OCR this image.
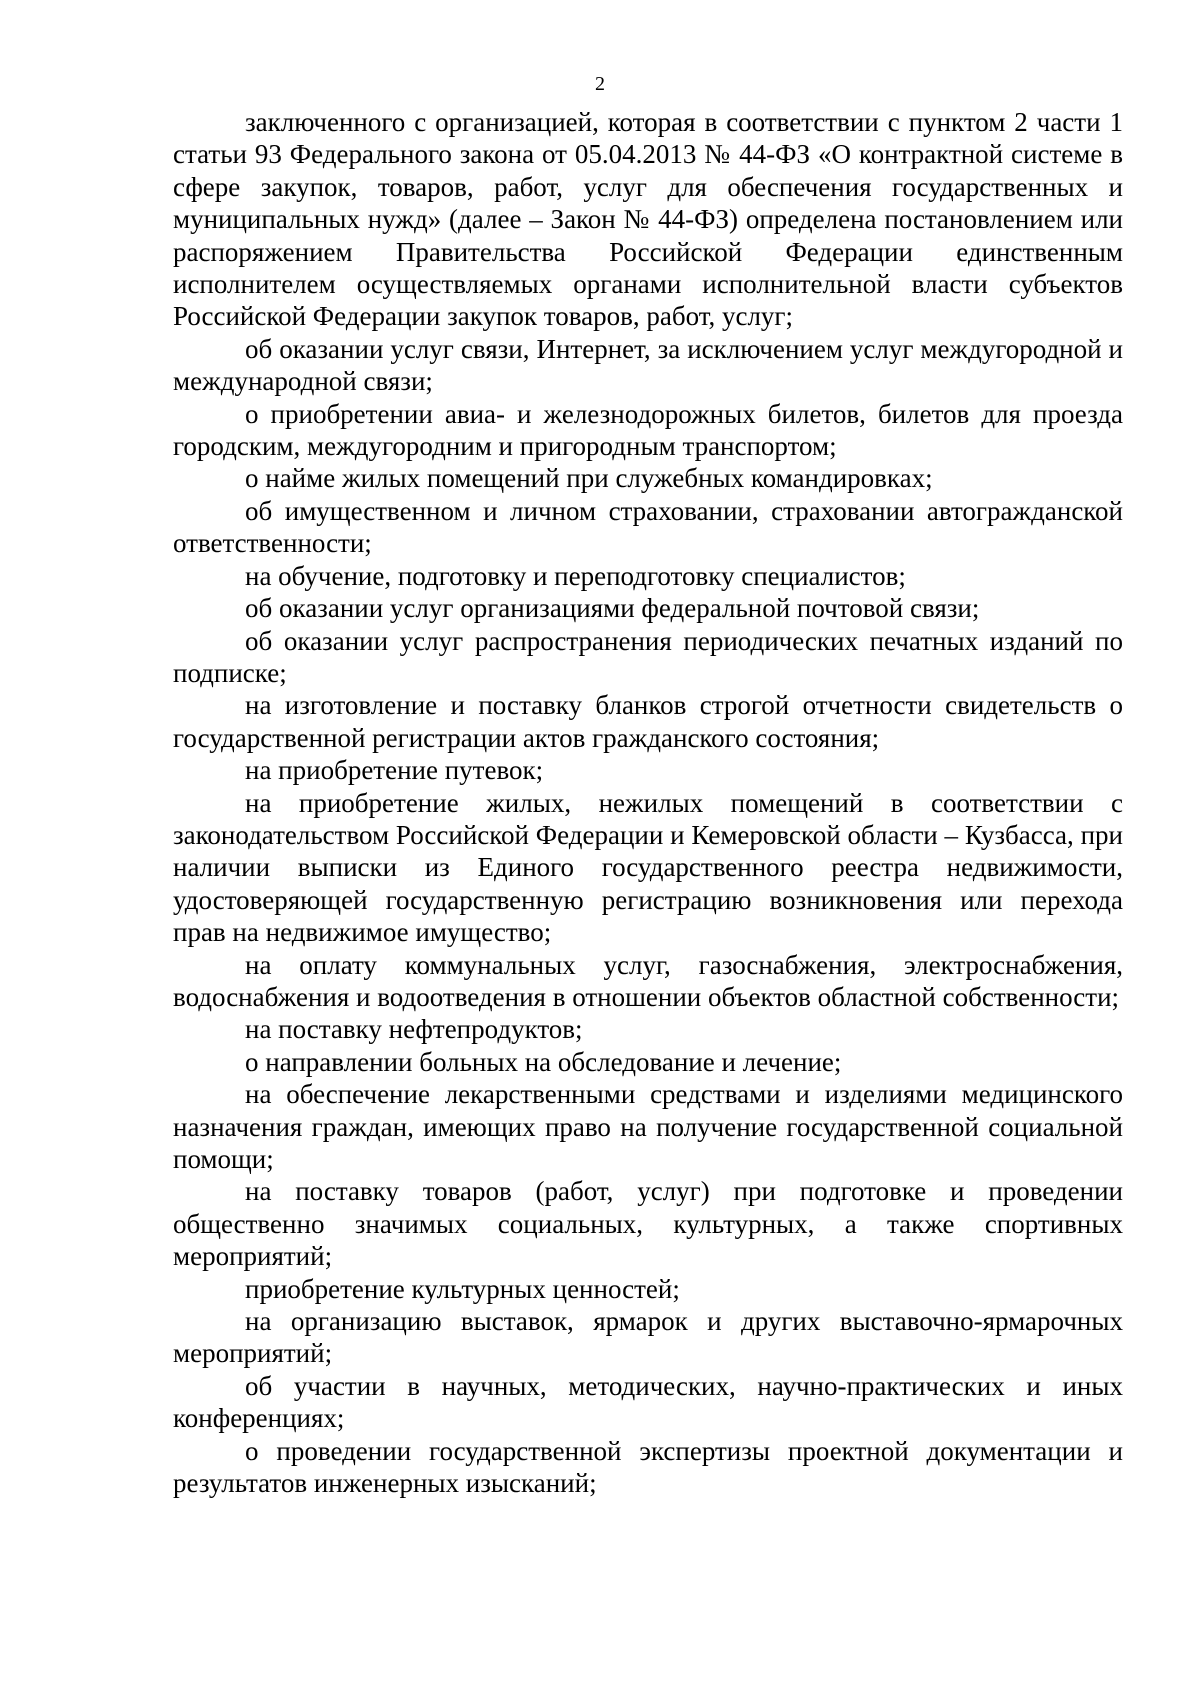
2

заключенного с организацией, которая в соответствии с пунктом 2 части 1 статьи 93 Федерального закона от 05.04.2013 № 44-ФЗ «О контрактной системе в сфере закупок, товаров, работ, услуг для обеспечения государственных и муниципальных нужд» (далее – Закон № 44-ФЗ) определена постановлением или распоряжением Правительства Российской Федерации единственным исполнителем осуществляемых органами исполнительной власти субъектов Российской Федерации закупок товаров, работ, услуг;

об оказании услуг связи, Интернет, за исключением услуг междугородной и международной связи;

о приобретении авиа- и железнодорожных билетов, билетов для проезда городским, междугородним и пригородным транспортом;

о найме жилых помещений при служебных командировках;

об имущественном и личном страховании, страховании автогражданской ответственности;

на обучение, подготовку и переподготовку специалистов;

об оказании услуг организациями федеральной почтовой связи;

об оказании услуг распространения периодических печатных изданий по подписке;

на изготовление и поставку бланков строгой отчетности свидетельств о государственной регистрации актов гражданского состояния;

на приобретение путевок;

на приобретение жилых, нежилых помещений в соответствии с законодательством Российской Федерации и Кемеровской области – Кузбасса, при наличии выписки из Единого государственного реестра недвижимости, удостоверяющей государственную регистрацию возникновения или перехода прав на недвижимое имущество;

на оплату коммунальных услуг, газоснабжения, электроснабжения, водоснабжения и водоотведения в отношении объектов областной собственности;

на поставку нефтепродуктов;

о направлении больных на обследование и лечение;

на обеспечение лекарственными средствами и изделиями медицинского назначения граждан, имеющих право на получение государственной социальной помощи;

на поставку товаров (работ, услуг) при подготовке и проведении общественно значимых социальных, культурных, а также спортивных мероприятий;

приобретение культурных ценностей;

на организацию выставок, ярмарок и других выставочно-ярмарочных мероприятий;

об участии в научных, методических, научно-практических и иных конференциях;

о проведении государственной экспертизы проектной документации и результатов инженерных изысканий;
